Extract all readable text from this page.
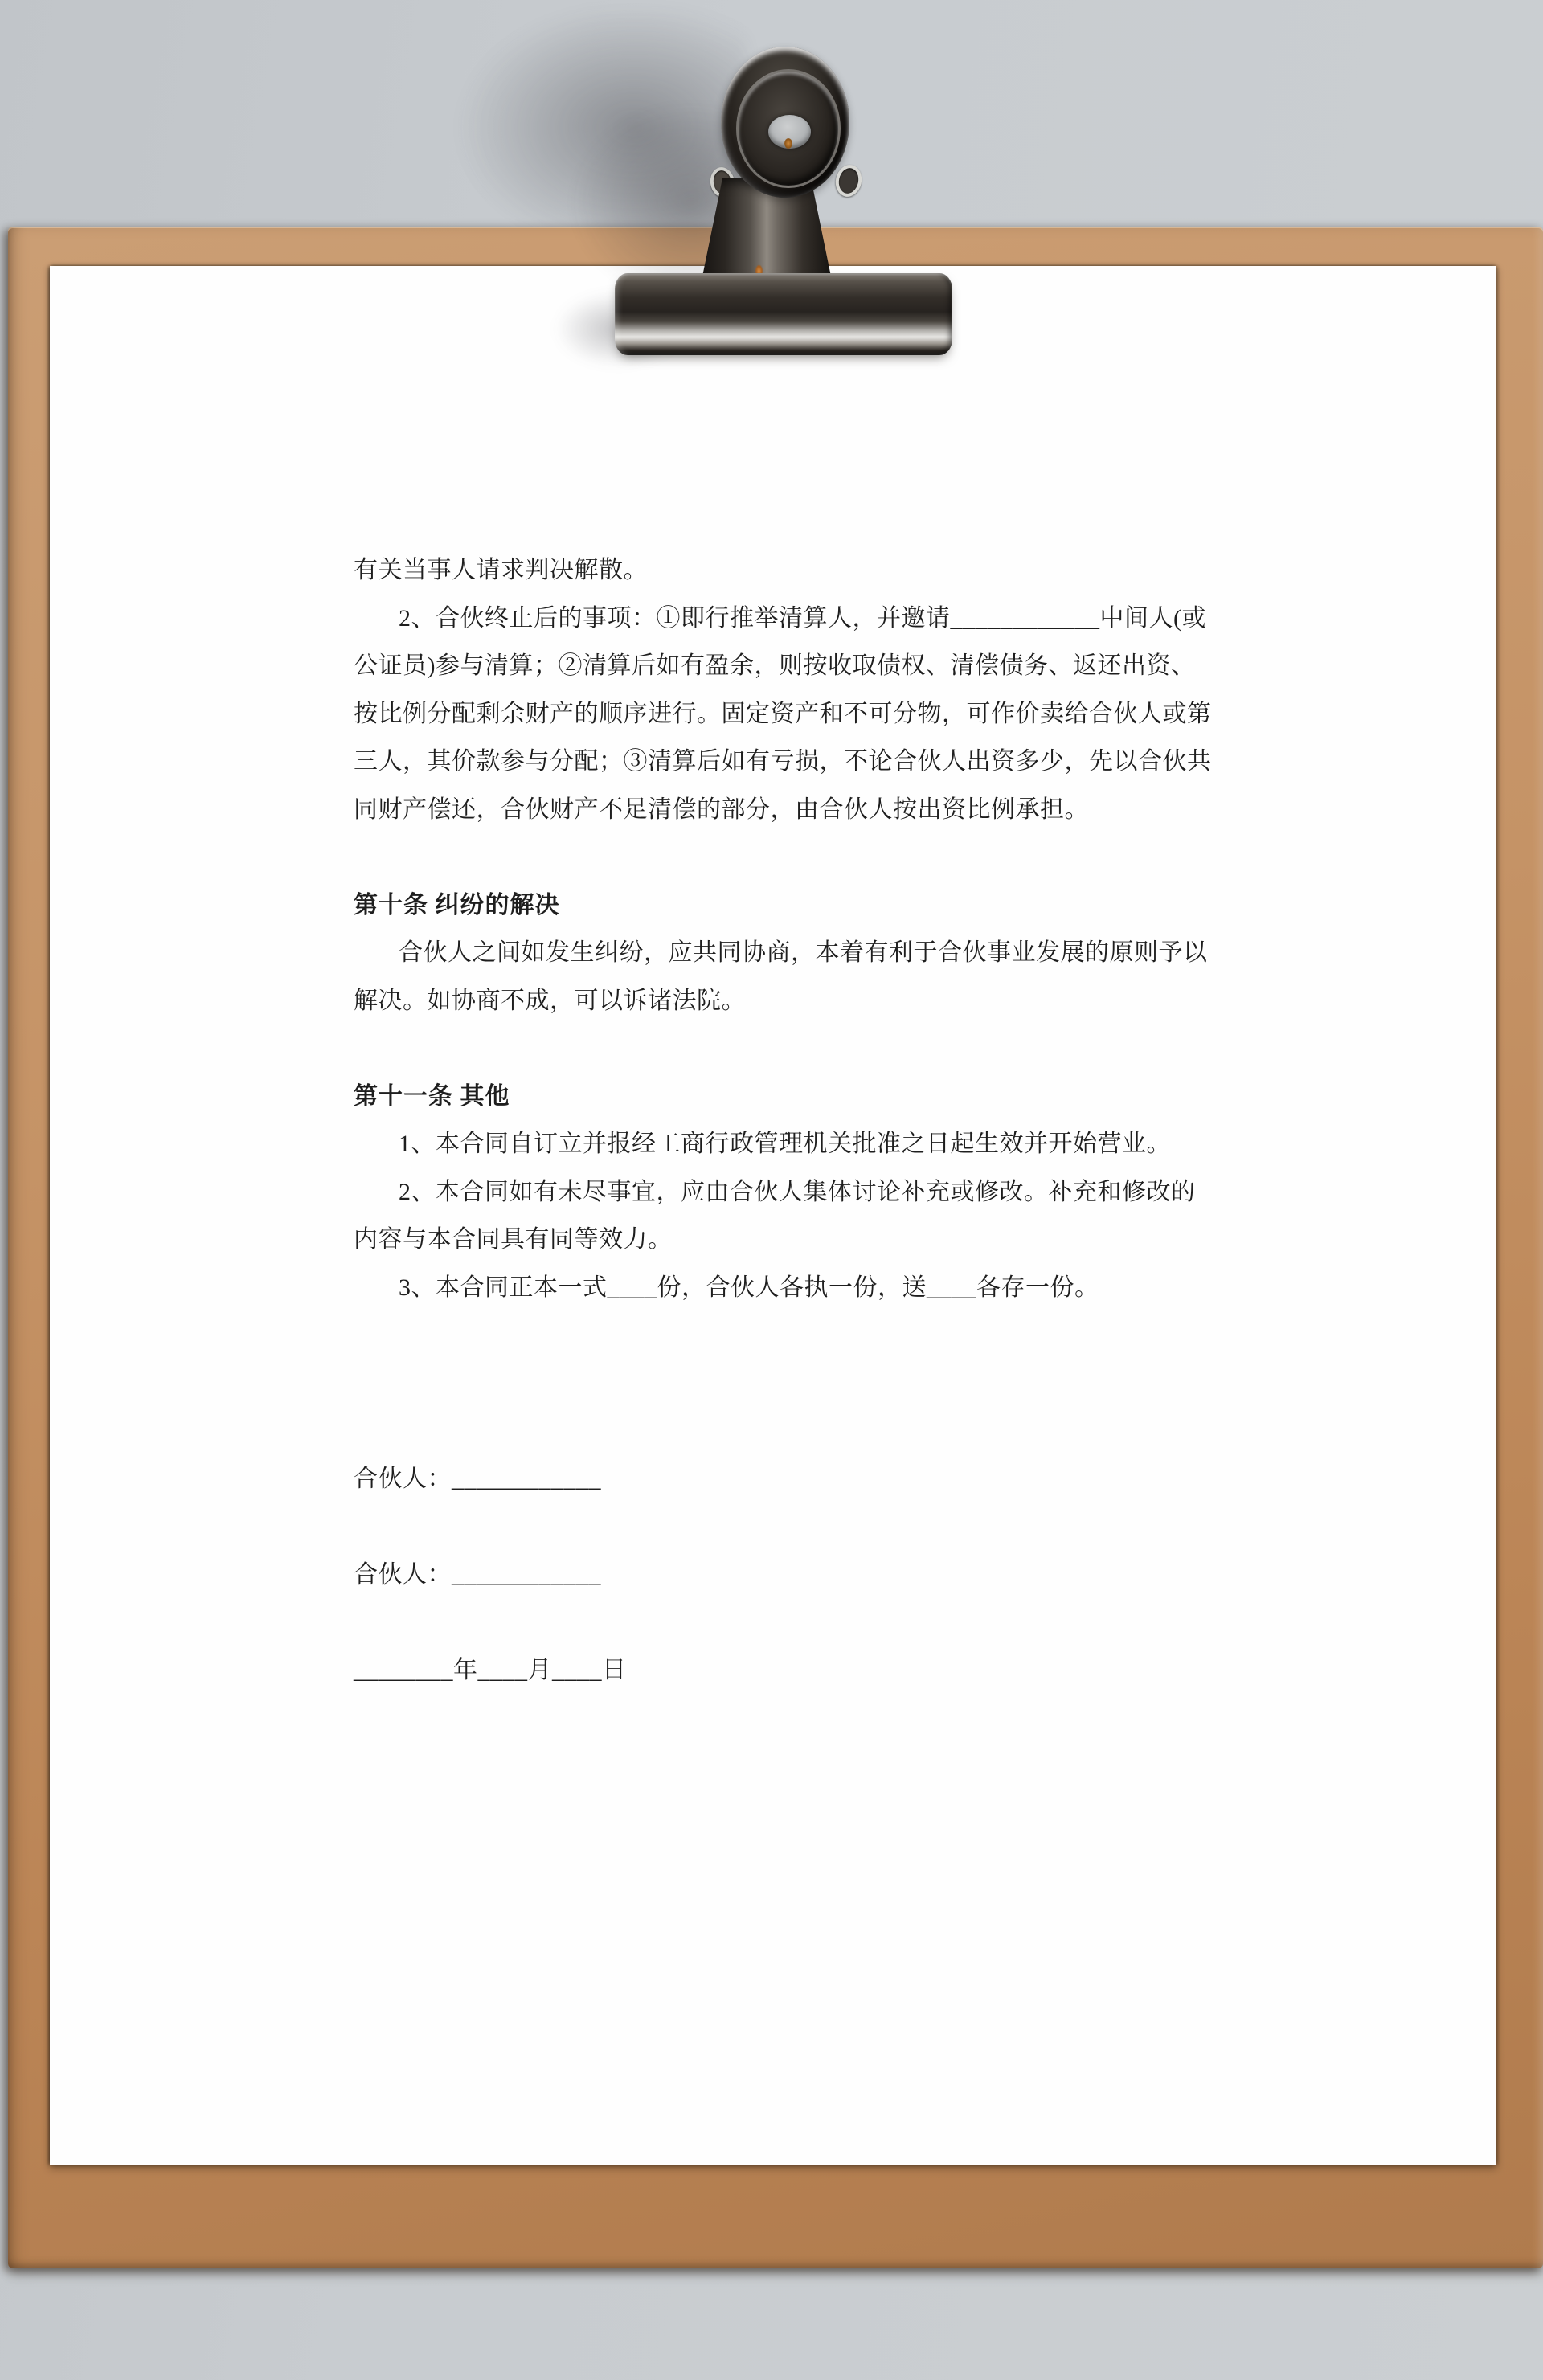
有关当事人请求判决解散。
2、合伙终止后的事项：①即行推举清算人，并邀请____________中间人(或
公证员)参与清算；②清算后如有盈余，则按收取债权、清偿债务、返还出资、
按比例分配剩余财产的顺序进行。固定资产和不可分物，可作价卖给合伙人或第
三人，其价款参与分配；③清算后如有亏损，不论合伙人出资多少，先以合伙共
同财产偿还，合伙财产不足清偿的部分，由合伙人按出资比例承担。
第十条 纠纷的解决
合伙人之间如发生纠纷，应共同协商，本着有利于合伙事业发展的原则予以
解决。如协商不成，可以诉诸法院。
第十一条 其他
1、本合同自订立并报经工商行政管理机关批准之日起生效并开始营业。
2、本合同如有未尽事宜，应由合伙人集体讨论补充或修改。补充和修改的
内容与本合同具有同等效力。
3、本合同正本一式____份，合伙人各执一份，送____各存一份。
合伙人：____________
合伙人：____________
________年____月____日
